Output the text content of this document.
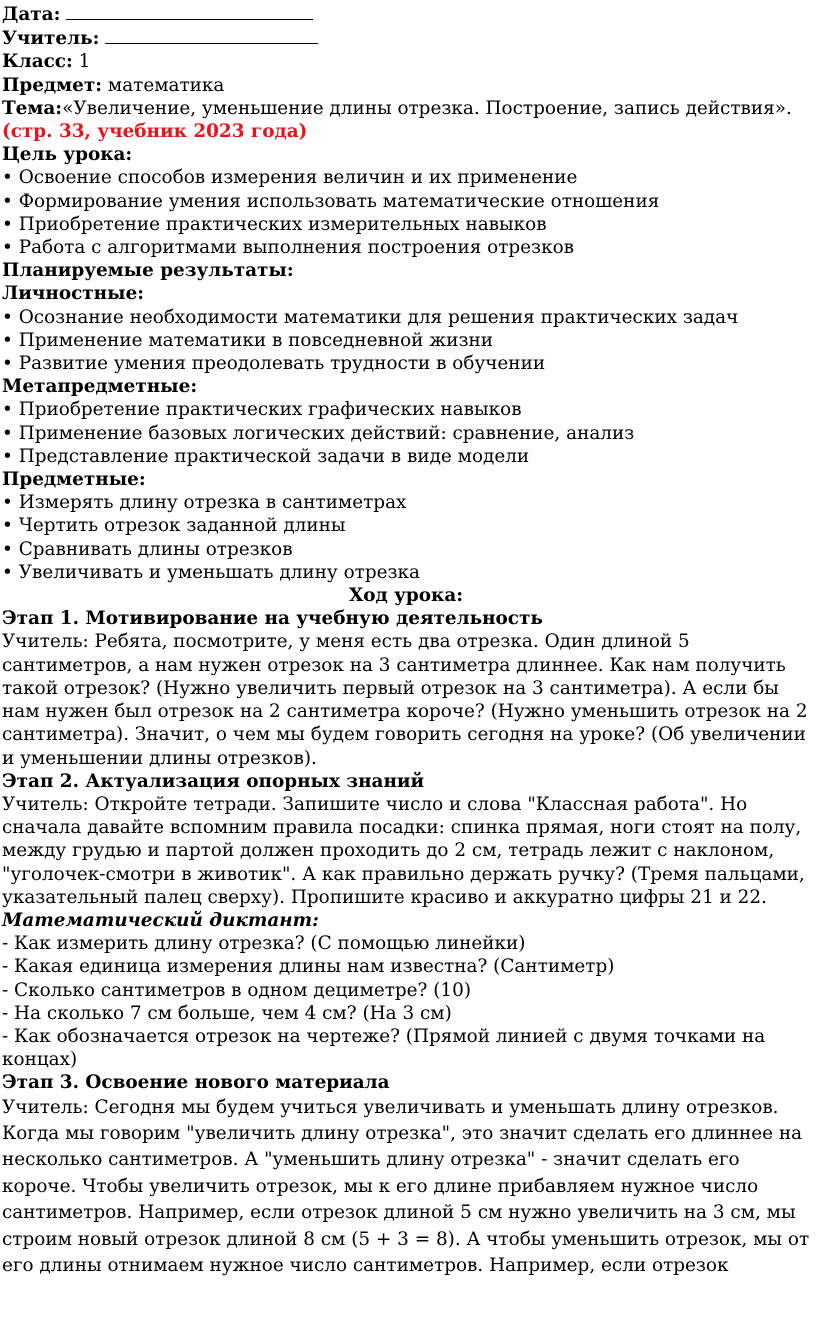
Дата:

Учитель:

Класс: 1

Предмет: математика

Тема:«Увеличение, уменьшение длины отрезка. Построение, запись действия».

(стр. 33, учебник 2023 года)

Цель урока:

• Освоение способов измерения величин и их применение

• Формирование умения использовать математические отношения

• Приобретение практических измерительных навыков

• Работа с алгоритмами выполнения построения отрезков

Планируемые результаты:

Личностные:

• Осознание необходимости математики для решения практических задач

• Применение математики в повседневной жизни

• Развитие умения преодолевать трудности в обучении

Метапредметные:

• Приобретение практических графических навыков

• Применение базовых логических действий: сравнение, анализ

• Представление практической задачи в виде модели

Предметные:

• Измерять длину отрезка в сантиметрах

• Чертить отрезок заданной длины

• Сравнивать длины отрезков

• Увеличивать и уменьшать длину отрезка

Ход урока:

Этап 1. Мотивирование на учебную деятельность

Учитель: Ребята, посмотрите, у меня есть два отрезка. Один длиной 5 сантиметров, а нам нужен отрезок на 3 сантиметра длиннее. Как нам получить такой отрезок? (Нужно увеличить первый отрезок на 3 сантиметра). А если бы нам нужен был отрезок на 2 сантиметра короче? (Нужно уменьшить отрезок на 2 сантиметра). Значит, о чем мы будем говорить сегодня на уроке? (Об увеличении и уменьшении длины отрезков).

Этап 2. Актуализация опорных знаний

Учитель: Откройте тетради. Запишите число и слова "Классная работа". Но сначала давайте вспомним правила посадки: спинка прямая, ноги стоят на полу, между грудью и партой должен проходить до 2 см, тетрадь лежит с наклоном, "уголочек-смотри в животик". А как правильно держать ручку? (Тремя пальцами, указательный палец сверху). Пропишите красиво и аккуратно цифры 21 и 22.

Математический диктант:

- Как измерить длину отрезка? (С помощью линейки)

- Какая единица измерения длины нам известна? (Сантиметр)

- Сколько сантиметров в одном дециметре? (10)

- На сколько 7 см больше, чем 4 см? (На 3 см)

- Как обозначается отрезок на чертеже? (Прямой линией с двумя точками на концах)

Этап 3. Освоение нового материала

Учитель: Сегодня мы будем учиться увеличивать и уменьшать длину отрезков. Когда мы говорим "увеличить длину отрезка", это значит сделать его длиннее на несколько сантиметров. А "уменьшить длину отрезка" - значит сделать его короче. Чтобы увеличить отрезок, мы к его длине прибавляем нужное число сантиметров. Например, если отрезок длиной 5 см нужно увеличить на 3 см, мы строим новый отрезок длиной 8 см (5 + 3 = 8). А чтобы уменьшить отрезок, мы от его длины отнимаем нужное число сантиметров. Например, если отрезок
